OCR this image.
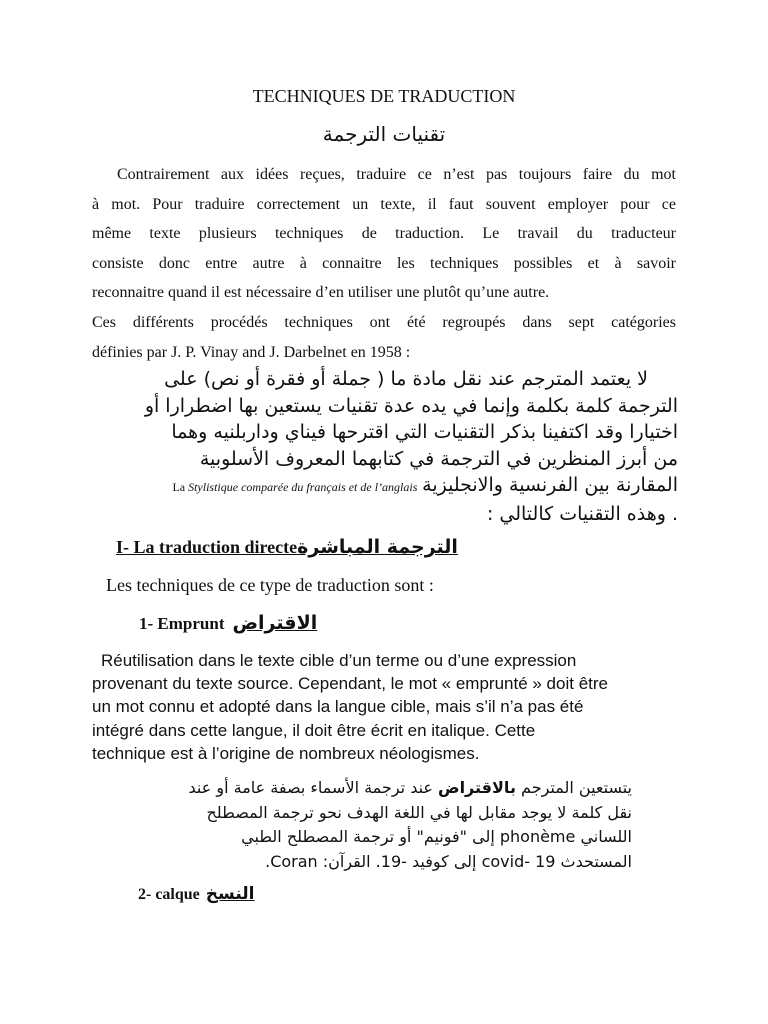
TECHNIQUES DE TRADUCTION
تقنيات الترجمة
Contrairement aux idées reçues, traduire ce n’est pas toujours faire du mot
à mot. Pour traduire correctement un texte, il faut souvent employer pour ce
même texte plusieurs techniques de traduction. Le travail du traducteur
consiste donc entre autre à connaitre les techniques possibles et à savoir
reconnaitre quand il est nécessaire d’en utiliser une plutôt qu’une autre.
Ces différents procédés techniques ont été regroupés dans sept catégories
définies par J. P. Vinay and J. Darbelnet en 1958 :
لا يعتمد المترجم عند نقل مادة ما ( جملة أو فقرة أو نص) على
الترجمة كلمة بكلمة وإنما في يده عدة تقنيات يستعين بها اضطرارا أو
اختيارا وقد اكتفينا بذكر التقنيات التي اقترحها فيناي وداربلنيه وهما
من أبرز المنظرين في الترجمة في كتابهما المعروف الأسلوبية
La Stylistique comparée du français et de l’anglais المقارنة بين الفرنسية والانجليزية
. وهذه التقنيات كالتالي :
I- La traduction directeالترجمة المباشرة
Les techniques de ce type de traduction sont :
1- Emprunt الاقتراض
Réutilisation dans le texte cible d’un terme ou d’une expression
provenant du texte source. Cependant, le mot « emprunté » doit être
un mot connu et adopté dans la langue cible, mais s’il n’a pas été
intégré dans cette langue, il doit être écrit en italique. Cette
technique est à l’origine de nombreux néologismes.
يتستعين المترجم بالاقتراض عند ترجمة الأسماء بصفة عامة أو عند
نقل كلمة لا يوجد مقابل لها في اللغة الهدف نحو ترجمة المصطلح
اللساني phonème إلى "فونيم" أو ترجمة المصطلح الطبي
المستحدث covid- 19 إلى كوفيد -19. القرآن: Coran.
2- calque النسخ
